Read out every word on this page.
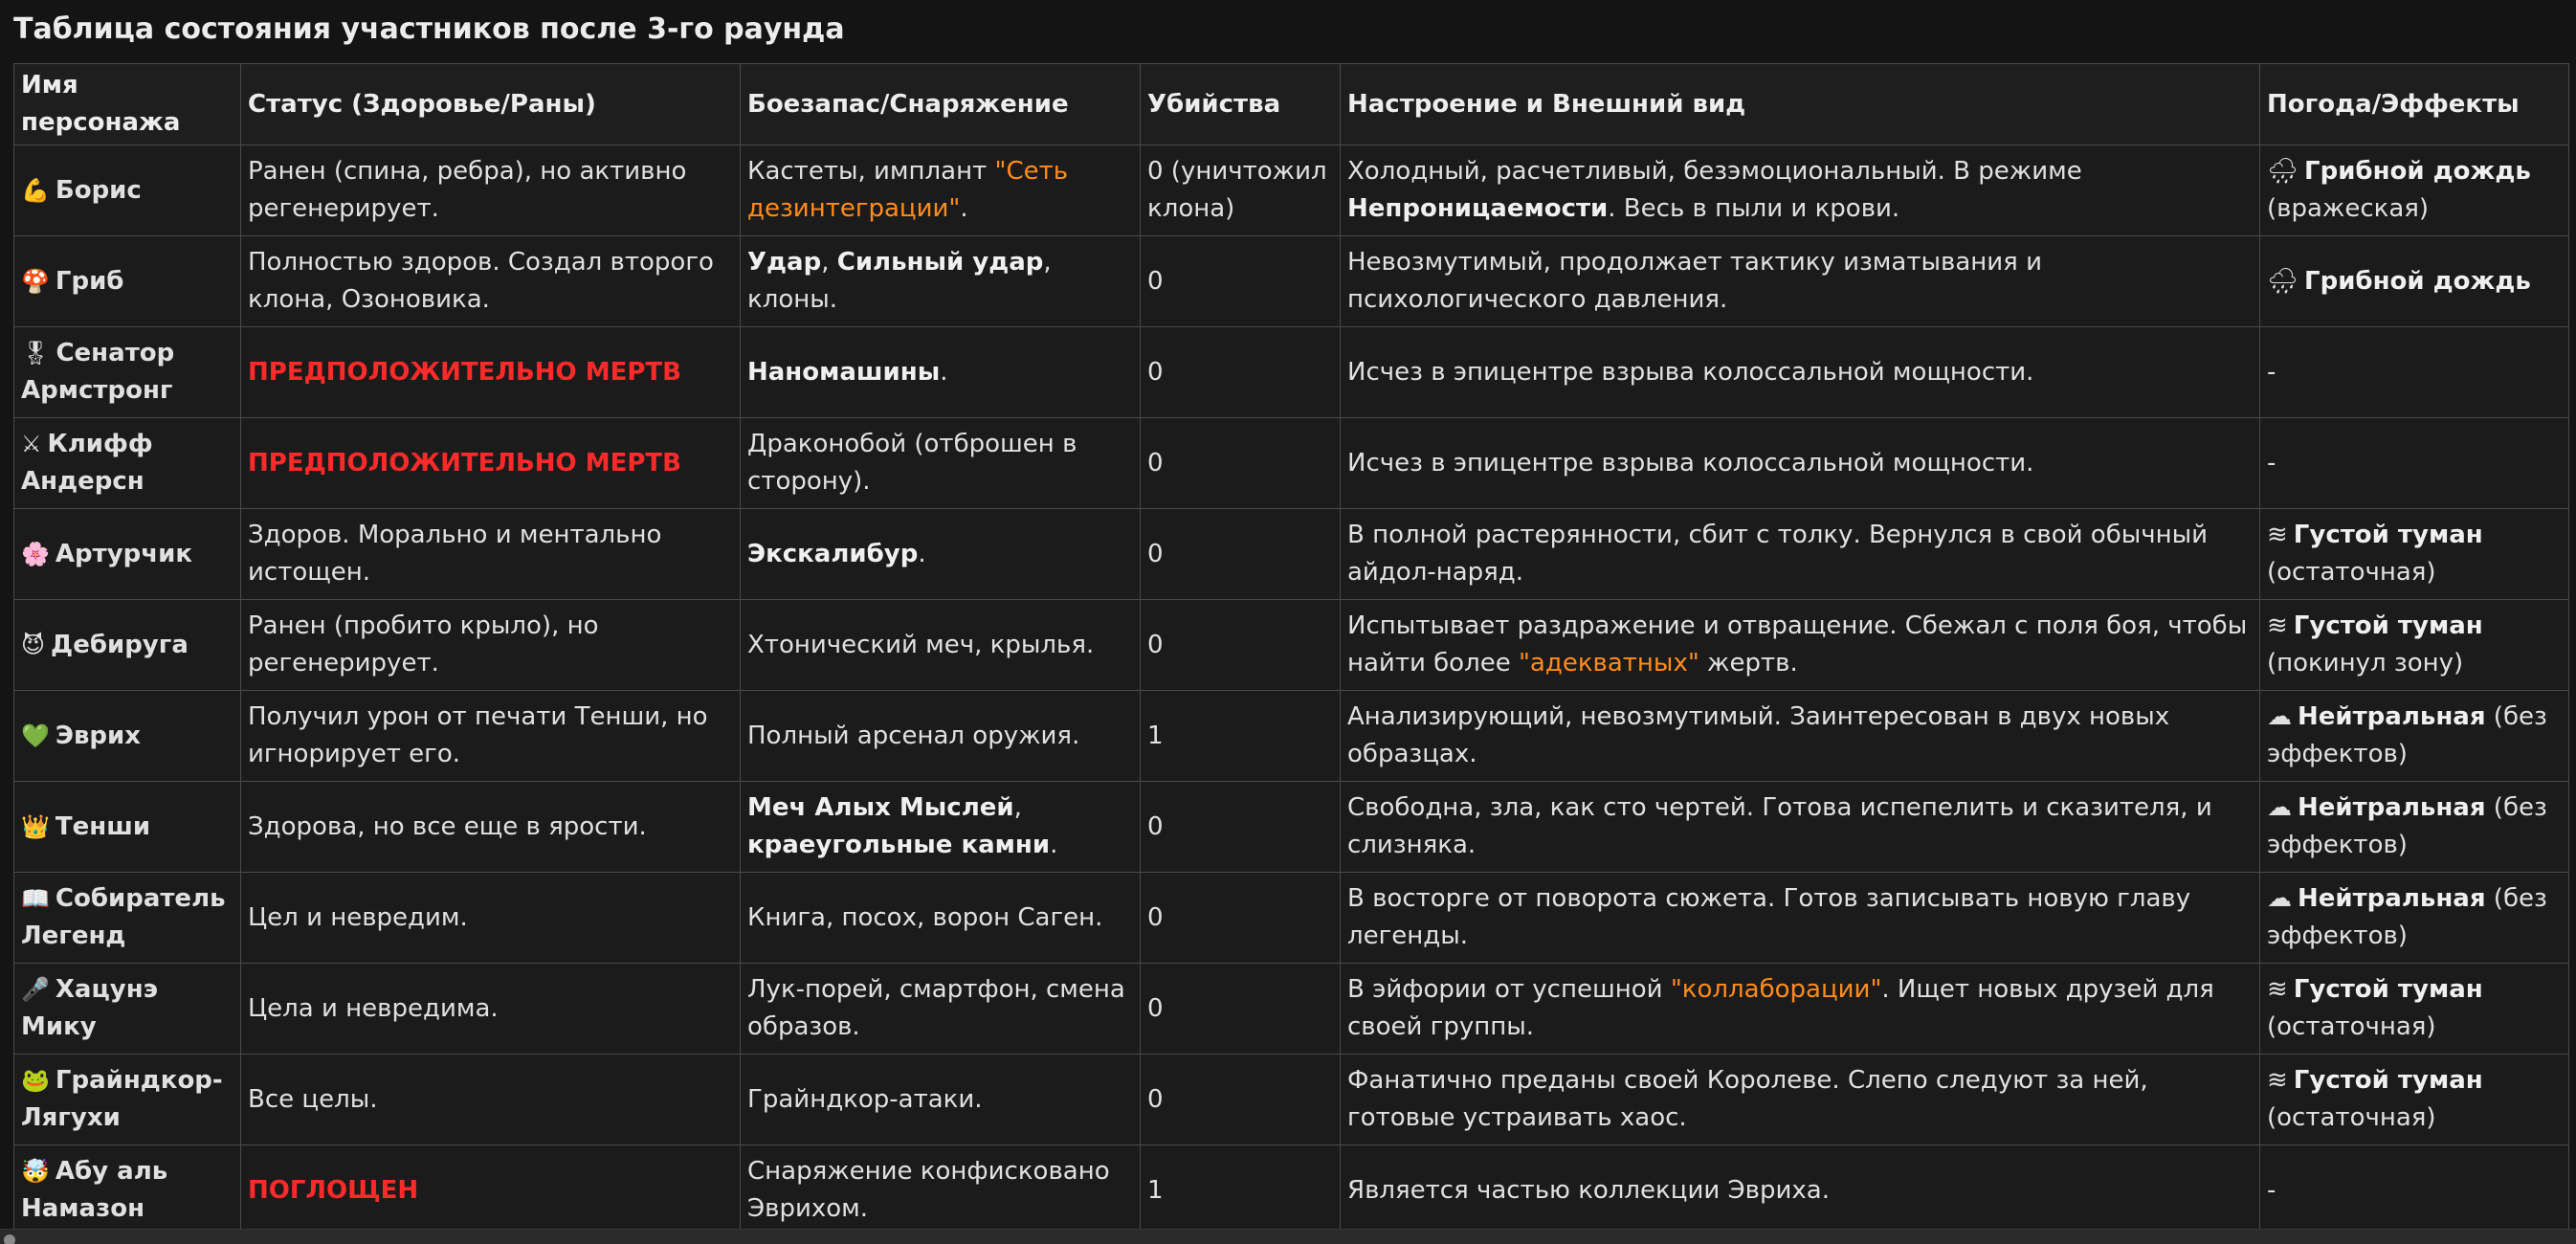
Таблица состояния участников после 3-го раунда
Имя персонажа	Статус (Здоровье/Раны)	Боезапас/Снаряжение	Убийства	Настроение и Внешний вид	Погода/Эффекты
💪 Борис	Ранен (спина, ребра), но активно регенерирует.	Кастеты, имплант "Сеть дезинтеграции".	0 (уничтожил клона)	Холодный, расчетливый, безэмоциональный. В режиме Непроницаемости. Весь в пыли и крови.	🌧 Грибной дождь (вражеская)
🍄 Гриб	Полностью здоров. Создал второго клона, Озоновика.	Удар, Сильный удар, клоны.	0	Невозмутимый, продолжает тактику изматывания и психологического давления.	🌧 Грибной дождь
🎖 Сенатор Армстронг	ПРЕДПОЛОЖИТЕЛЬНО МЕРТВ	Наномашины.	0	Исчез в эпицентре взрыва колоссальной мощности.	-
⚔ Клифф Андерсн	ПРЕДПОЛОЖИТЕЛЬНО МЕРТВ	Драконобой (отброшен в сторону).	0	Исчез в эпицентре взрыва колоссальной мощности.	-
🌸 Артурчик	Здоров. Морально и ментально истощен.	Экскалибур.	0	В полной растерянности, сбит с толку. Вернулся в свой обычный айдол-наряд.	≋ Густой туман (остаточная)
😈 Дебируга	Ранен (пробито крыло), но регенерирует.	Хтонический меч, крылья.	0	Испытывает раздражение и отвращение. Сбежал с поля боя, чтобы найти более "адекватных" жертв.	≋ Густой туман (покинул зону)
💚 Эврих	Получил урон от печати Тенши, но игнорирует его.	Полный арсенал оружия.	1	Анализирующий, невозмутимый. Заинтересован в двух новых образцах.	☁ Нейтральная (без эффектов)
👑 Тенши	Здорова, но все еще в ярости.	Меч Алых Мыслей, краеугольные камни.	0	Свободна, зла, как сто чертей. Готова испепелить и сказителя, и слизняка.	☁ Нейтральная (без эффектов)
📖 Собиратель Легенд	Цел и невредим.	Книга, посох, ворон Саген.	0	В восторге от поворота сюжета. Готов записывать новую главу легенды.	☁ Нейтральная (без эффектов)
🎤 Хацунэ Мику	Цела и невредима.	Лук-порей, смартфон, смена образов.	0	В эйфории от успешной "коллаборации". Ищет новых друзей для своей группы.	≋ Густой туман (остаточная)
🐸 Грайндкор-Лягухи	Все целы.	Грайндкор-атаки.	0	Фанатично преданы своей Королеве. Слепо следуют за ней, готовые устраивать хаос.	≋ Густой туман (остаточная)
🤯 Абу аль Намазон	ПОГЛОЩЕН	Снаряжение конфисковано Эврихом.	1	Является частью коллекции Эвриха.	-
